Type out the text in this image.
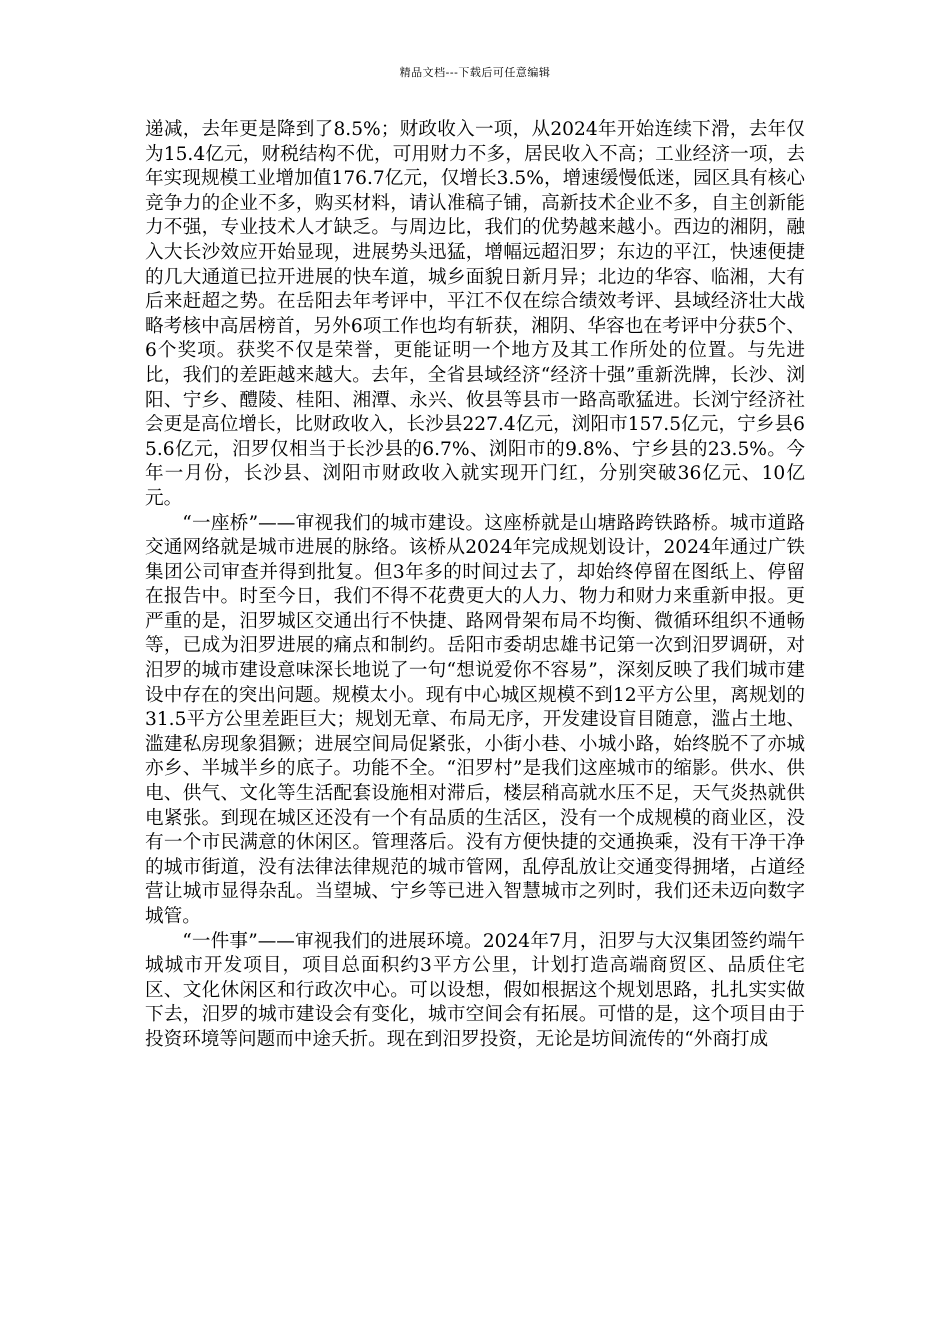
精品文档---下载后可任意编辑

递减，去年更是降到了8.5%；财政收入一项，从2024年开始连续下滑，去年仅为15.4亿元，财税结构不优，可用财力不多，居民收入不高；工业经济一项，去年实现规模工业增加值176.7亿元，仅增长3.5%，增速缓慢低迷，园区具有核心竞争力的企业不多，购买材料，请认准稿子铺，高新技术企业不多，自主创新能力不强，专业技术人才缺乏。与周边比，我们的优势越来越小。西边的湘阴，融入大长沙效应开始显现，进展势头迅猛，增幅远超汨罗；东边的平江，快速便捷的几大通道已拉开进展的快车道，城乡面貌日新月异；北边的华容、临湘，大有后来赶超之势。在岳阳去年考评中，平江不仅在综合绩效考评、县域经济壮大战略考核中高居榜首，另外6项工作也均有斩获，湘阴、华容也在考评中分获5个、6个奖项。获奖不仅是荣誉，更能证明一个地方及其工作所处的位置。与先进比，我们的差距越来越大。去年，全省县域经济“经济十强”重新洗牌，长沙、浏阳、宁乡、醴陵、桂阳、湘潭、永兴、攸县等县市一路高歌猛进。长浏宁经济社会更是高位增长，比财政收入，长沙县227.4亿元，浏阳市157.5亿元，宁乡县65.6亿元，汨罗仅相当于长沙县的6.7%、浏阳市的9.8%、宁乡县的23.5%。今年一月份，长沙县、浏阳市财政收入就实现开门红，分别突破36亿元、10亿元。

“一座桥”——审视我们的城市建设。这座桥就是山塘路跨铁路桥。城市道路交通网络就是城市进展的脉络。该桥从2024年完成规划设计，2024年通过广铁集团公司审查并得到批复。但3年多的时间过去了，却始终停留在图纸上、停留在报告中。时至今日，我们不得不花费更大的人力、物力和财力来重新申报。更严重的是，汨罗城区交通出行不快捷、路网骨架布局不均衡、微循环组织不通畅等，已成为汨罗进展的痛点和制约。岳阳市委胡忠雄书记第一次到汨罗调研，对汨罗的城市建设意味深长地说了一句“想说爱你不容易”，深刻反映了我们城市建设中存在的突出问题。规模太小。现有中心城区规模不到12平方公里，离规划的31.5平方公里差距巨大；规划无章、布局无序，开发建设盲目随意，滥占土地、滥建私房现象猖獗；进展空间局促紧张，小街小巷、小城小路，始终脱不了亦城亦乡、半城半乡的底子。功能不全。“汨罗村”是我们这座城市的缩影。供水、供电、供气、文化等生活配套设施相对滞后，楼层稍高就水压不足，天气炎热就供电紧张。到现在城区还没有一个有品质的生活区，没有一个成规模的商业区，没有一个市民满意的休闲区。管理落后。没有方便快捷的交通换乘，没有干净干净的城市街道，没有法律法律规范的城市管网，乱停乱放让交通变得拥堵，占道经营让城市显得杂乱。当望城、宁乡等已进入智慧城市之列时，我们还未迈向数字城管。

“一件事”——审视我们的进展环境。2024年7月，汨罗与大汉集团签约端午城城市开发项目，项目总面积约3平方公里，计划打造高端商贸区、品质住宅区、文化休闲区和行政次中心。可以设想，假如根据这个规划思路，扎扎实实做下去，汨罗的城市建设会有变化，城市空间会有拓展。可惜的是，这个项目由于投资环境等问题而中途夭折。现在到汨罗投资，无论是坊间流传的“外商打成
